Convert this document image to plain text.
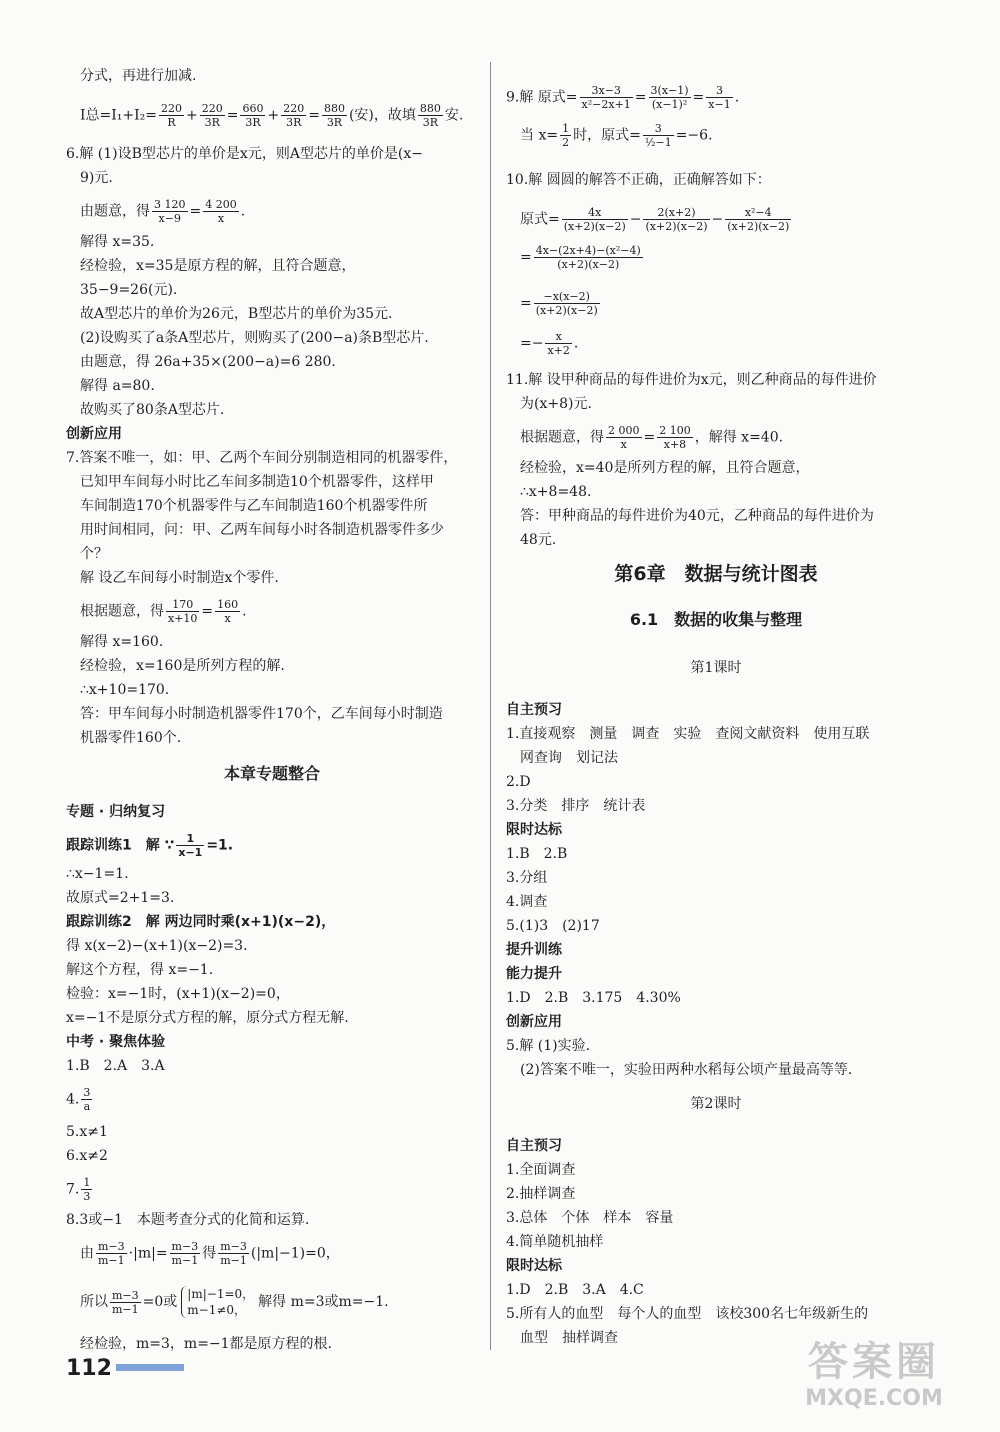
分式，再进行加减.
I总$=I_1+I_2= \frac{220}{R} + \frac{220}{3R} = \frac{660}{3R} + \frac{220}{3R} = \frac{880}{3R}$ (安)，故填 $\frac{880}{3R}$ 安.
6.解 (1)设B型芯片的单价是x元，则A型芯片的单价是(x−
9)元.
由题意，得 $\frac{3 120}{x-9} = \frac{4 200}{x}$ .
解得 x=35.
经检验，x=35是原方程的解，且符合题意，
35−9=26(元).
故A型芯片的单价为26元，B型芯片的单价为35元.
(2)设购买了a条A型芯片，则购买了(200−a)条B型芯片.
由题意，得 26a+35×(200−a)=6 280.
解得 a=80.
故购买了80条A型芯片.
创新应用
7.答案不唯一，如：甲、乙两个车间分别制造相同的机器零件，
已知甲车间每小时比乙车间多制造10个机器零件，这样甲
车间制造170个机器零件与乙车间制造160个机器零件所
用时间相同，问：甲、乙两车间每小时各制造机器零件多少
个？
解 设乙车间每小时制造x个零件.
根据题意，得 $\frac{170}{x+10} = \frac{160}{x}$ .
解得 x=160.
经检验，x=160是所列方程的解.
∴x+10=170.
答：甲车间每小时制造机器零件170个，乙车间每小时制造
机器零件160个.
本章专题整合
专题 · 归纳复习
跟踪训练1　解 ∵ $\frac{1}{x-1} =1$.
∴x−1=1.
故原式=2+1=3.
跟踪训练2　解 两边同时乘(x+1)(x−2)，
得 x(x−2)−(x+1)(x−2)=3.
解这个方程，得 x=−1.
检验：x=−1时，(x+1)(x−2)=0，
x=−1不是原分式方程的解，原分式方程无解.
中考 · 聚焦体验
1.B　2.A　3.A
4. $\frac{3}{a}$
5.x≠1
6.x≠2
7. $\frac{1}{3}$
8.3或−1　本题考查分式的化简和运算.
由 $\frac{m-3}{m-1} \cdot|m|= \frac{m-3}{m-1}$ 得 $\frac{m-3}{m-1} (|m|-1)=0$，
所以 $\frac{m-3}{m-1} =0$或 |m|−1=0，
m−1≠0， 解得 m=3或m=−1.
经检验，m=3，m=−1都是原方程的根.
9.解 原式= $\frac{3x-3}{\text{x²−2x+1}} = \frac{3(x-1)}{\text{(x−1)²}} = \frac{3}{x-1}$ .
当 $x= \frac{1}{2}$ 时，原式= $\frac{3}{\text{½−1}} =-6$.
10.解 圆圆的解答不正确，正确解答如下：
原式= $\frac{4x}{(x+2)(x-2)} - \frac{2(x+2)}{(x+2)(x-2)} - \frac{\text{x²−4}}{(x+2)(x-2)}$
= $\frac{\text{4x−(2x+4)−(x²−4)}}{(x+2)(x-2)}$
= $\frac{-x(x-2)}{(x+2)(x-2)}$
=− $\frac{x}{x+2}$ .
11.解 设甲种商品的每件进价为x元，则乙种商品的每件进价
为(x+8)元.
根据题意，得 $\frac{2 000}{x} = \frac{2 100}{x+8}$ ，解得 x=40.
经检验，x=40是所列方程的解，且符合题意，
∴x+8=48.
答：甲种商品的每件进价为40元，乙种商品的每件进价为
48元.
第6章　数据与统计图表
6.1　数据的收集与整理
第1课时
自主预习
1.直接观察　测量　调查　实验　查阅文献资料　使用互联
网查询　划记法
2.D
3.分类　排序　统计表
限时达标
1.B　2.B
3.分组
4.调查
5.(1)3　(2)17
提升训练
能力提升
1.D　2.B　3.175　4.30%
创新应用
5.解 (1)实验.
(2)答案不唯一，实验田两种水稻每公顷产量最高等等.
第2课时
自主预习
1.全面调查
2.抽样调查
3.总体　个体　样本　容量
4.简单随机抽样
限时达标
1.D　2.B　3.A　4.C
5.所有人的血型　每个人的血型　该校300名七年级新生的
血型　抽样调查
112	答案圈
MXQE.COM
